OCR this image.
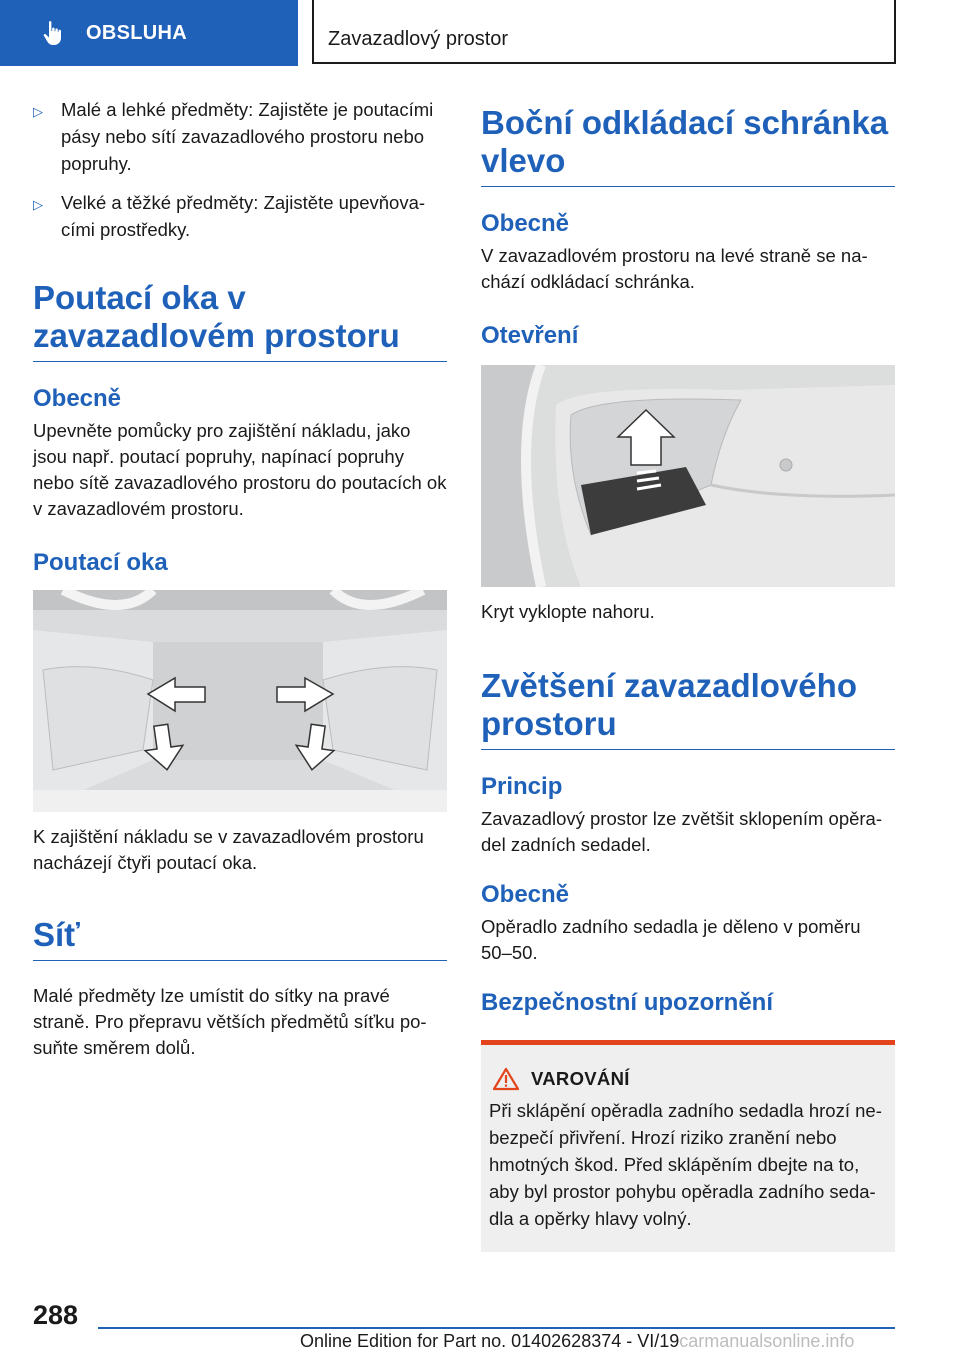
OBSLUHA	Zavazadlový prostor
▷ Malé a lehké předměty: Zajistěte je poutacími pásy nebo sítí zavazadlového prostoru nebo popruhy.
▷ Velké a těžké předměty: Zajistěte upevňovacími prostředky.
Poutací oka v zavazadlovém prostoru
Obecně

Upevněte pomůcky pro zajištění nákladu, jako jsou např. poutací popruhy, napínací popruhy nebo sítě zavazadlového prostoru do poutacích ok v zavazadlovém prostoru.

Poutací oka

K zajištění nákladu se v zavazadlovém prostoru nacházejí čtyři poutací oka.

Síť

Malé předměty lze umístit do sítky na pravé straně. Pro přepravu větších předmětů síťku posuňte směrem dolů.

Boční odkládací schránka vlevo
Obecně

V zavazadlovém prostoru na levé straně se nachází odkládací schránka.

Otevření

Kryt vyklopte nahoru.

Zvětšení zavazadlového prostoru
Princip

Zavazadlový prostor lze zvětšit sklopením opěradel zadních sedadel.

Obecně

Opěradlo zadního sedadla je děleno v poměru 50–50.

Bezpečnostní upozornění
VAROVÁNÍ

Při sklápění opěradla zadního sedadla hrozí nebezpečí přivření. Hrozí riziko zranění nebo hmotných škod. Před sklápěním dbejte na to, aby byl prostor pohybu opěradla zadního sedadla a opěrky hlavy volný.

288
Online Edition for Part no. 01402628374 - VI/19carmanualsonline.info
